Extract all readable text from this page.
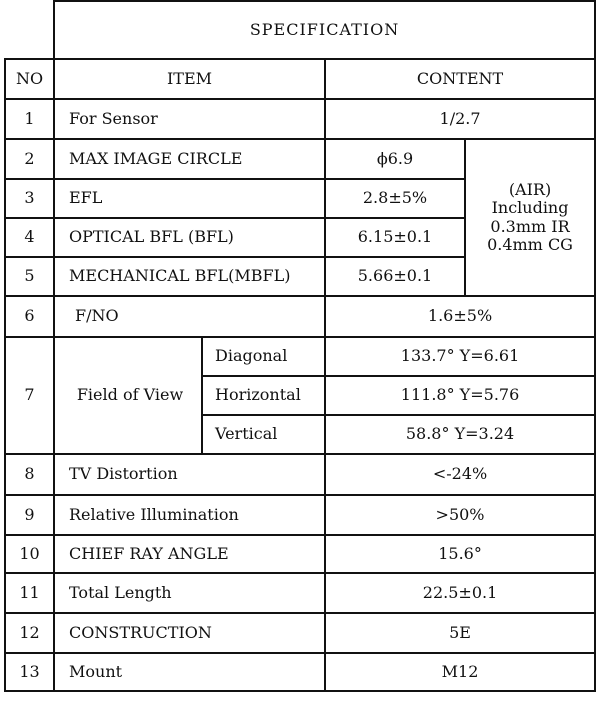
	SPECIFICATION			
NO	ITEM		CONTENT	
1	For Sensor		1/2.7	
2	MAX IMAGE CIRCLE		ϕ6.9	(AIR)
Including
0.3mm IR
0.4mm CG

3	EFL		2.8±5%	
4	OPTICAL BFL (BFL)		6.15±0.1	
5	MECHANICAL BFL(MBFL)		5.66±0.1	
6	F/NO		1.6±5%	
7	Field of View	Diagonal	133.7° Y=6.61	
		Horizontal	111.8° Y=5.76	
		Vertical	58.8° Y=3.24	
8	TV Distortion		<-24%	
9	Relative Illumination		>50%	
10	CHIEF RAY ANGLE		15.6°	
11	Total Length		22.5±0.1	
12	CONSTRUCTION		5E	
13	Mount		M12	
